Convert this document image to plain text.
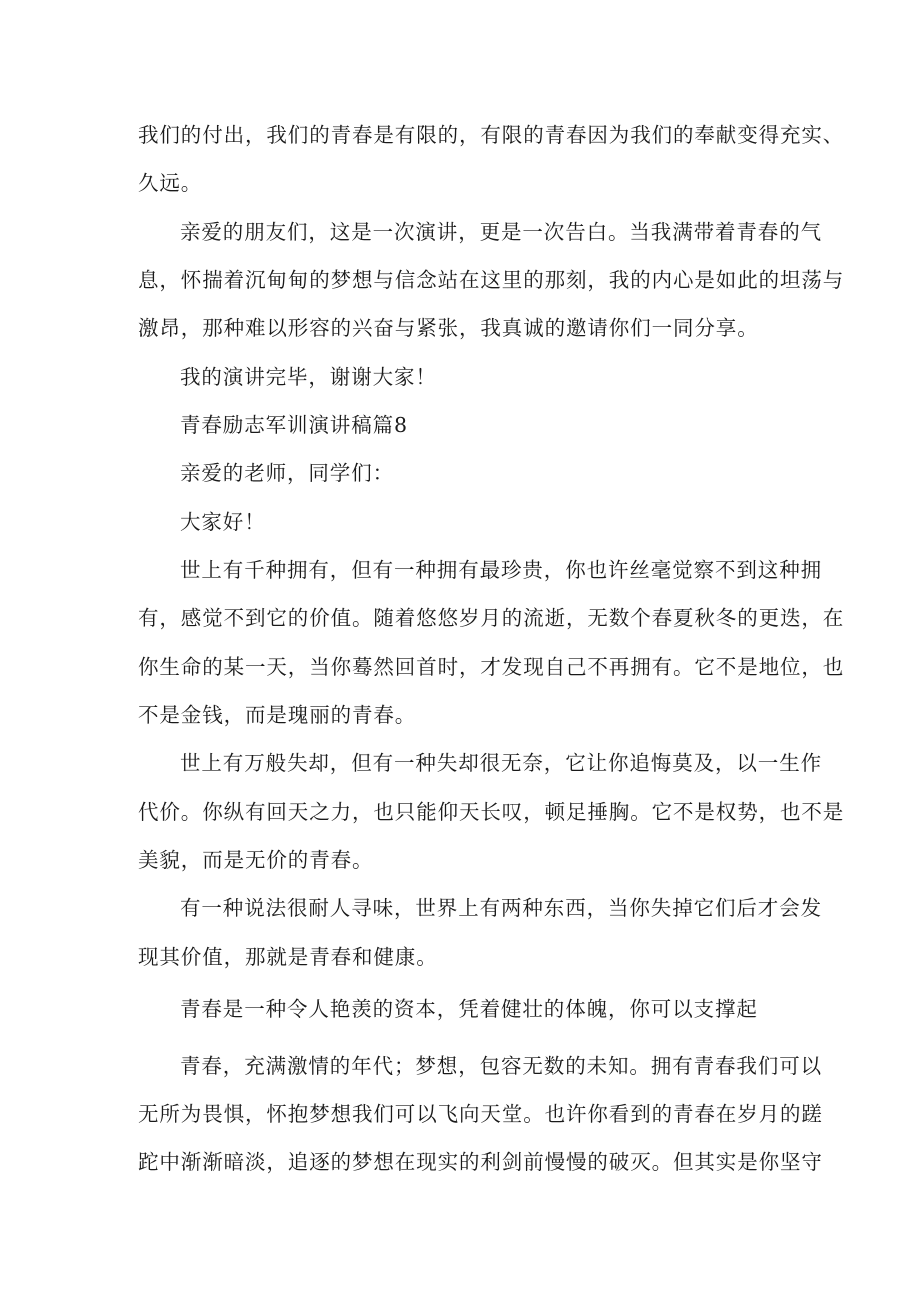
我们的付出，我们的青春是有限的，有限的青春因为我们的奉献变得充实、
久远。
亲爱的朋友们，这是一次演讲，更是一次告白。当我满带着青春的气
息，怀揣着沉甸甸的梦想与信念站在这里的那刻，我的内心是如此的坦荡与
激昂，那种难以形容的兴奋与紧张，我真诚的邀请你们一同分享。
我的演讲完毕，谢谢大家！
青春励志军训演讲稿篇8
亲爱的老师，同学们：
大家好！
世上有千种拥有，但有一种拥有最珍贵，你也许丝毫觉察不到这种拥
有，感觉不到它的价值。随着悠悠岁月的流逝，无数个春夏秋冬的更迭，在
你生命的某一天，当你蓦然回首时，才发现自己不再拥有。它不是地位，也
不是金钱，而是瑰丽的青春。
世上有万般失却，但有一种失却很无奈，它让你追悔莫及，以一生作
代价。你纵有回天之力，也只能仰天长叹，顿足捶胸。它不是权势，也不是
美貌，而是无价的青春。
有一种说法很耐人寻味，世界上有两种东西，当你失掉它们后才会发
现其价值，那就是青春和健康。
青春是一种令人艳羡的资本，凭着健壮的体魄，你可以支撑起
青春，充满激情的年代；梦想，包容无数的未知。拥有青春我们可以
无所为畏惧，怀抱梦想我们可以飞向天堂。也许你看到的青春在岁月的蹉
跎中渐渐暗淡，追逐的梦想在现实的利剑前慢慢的破灭。但其实是你坚守
